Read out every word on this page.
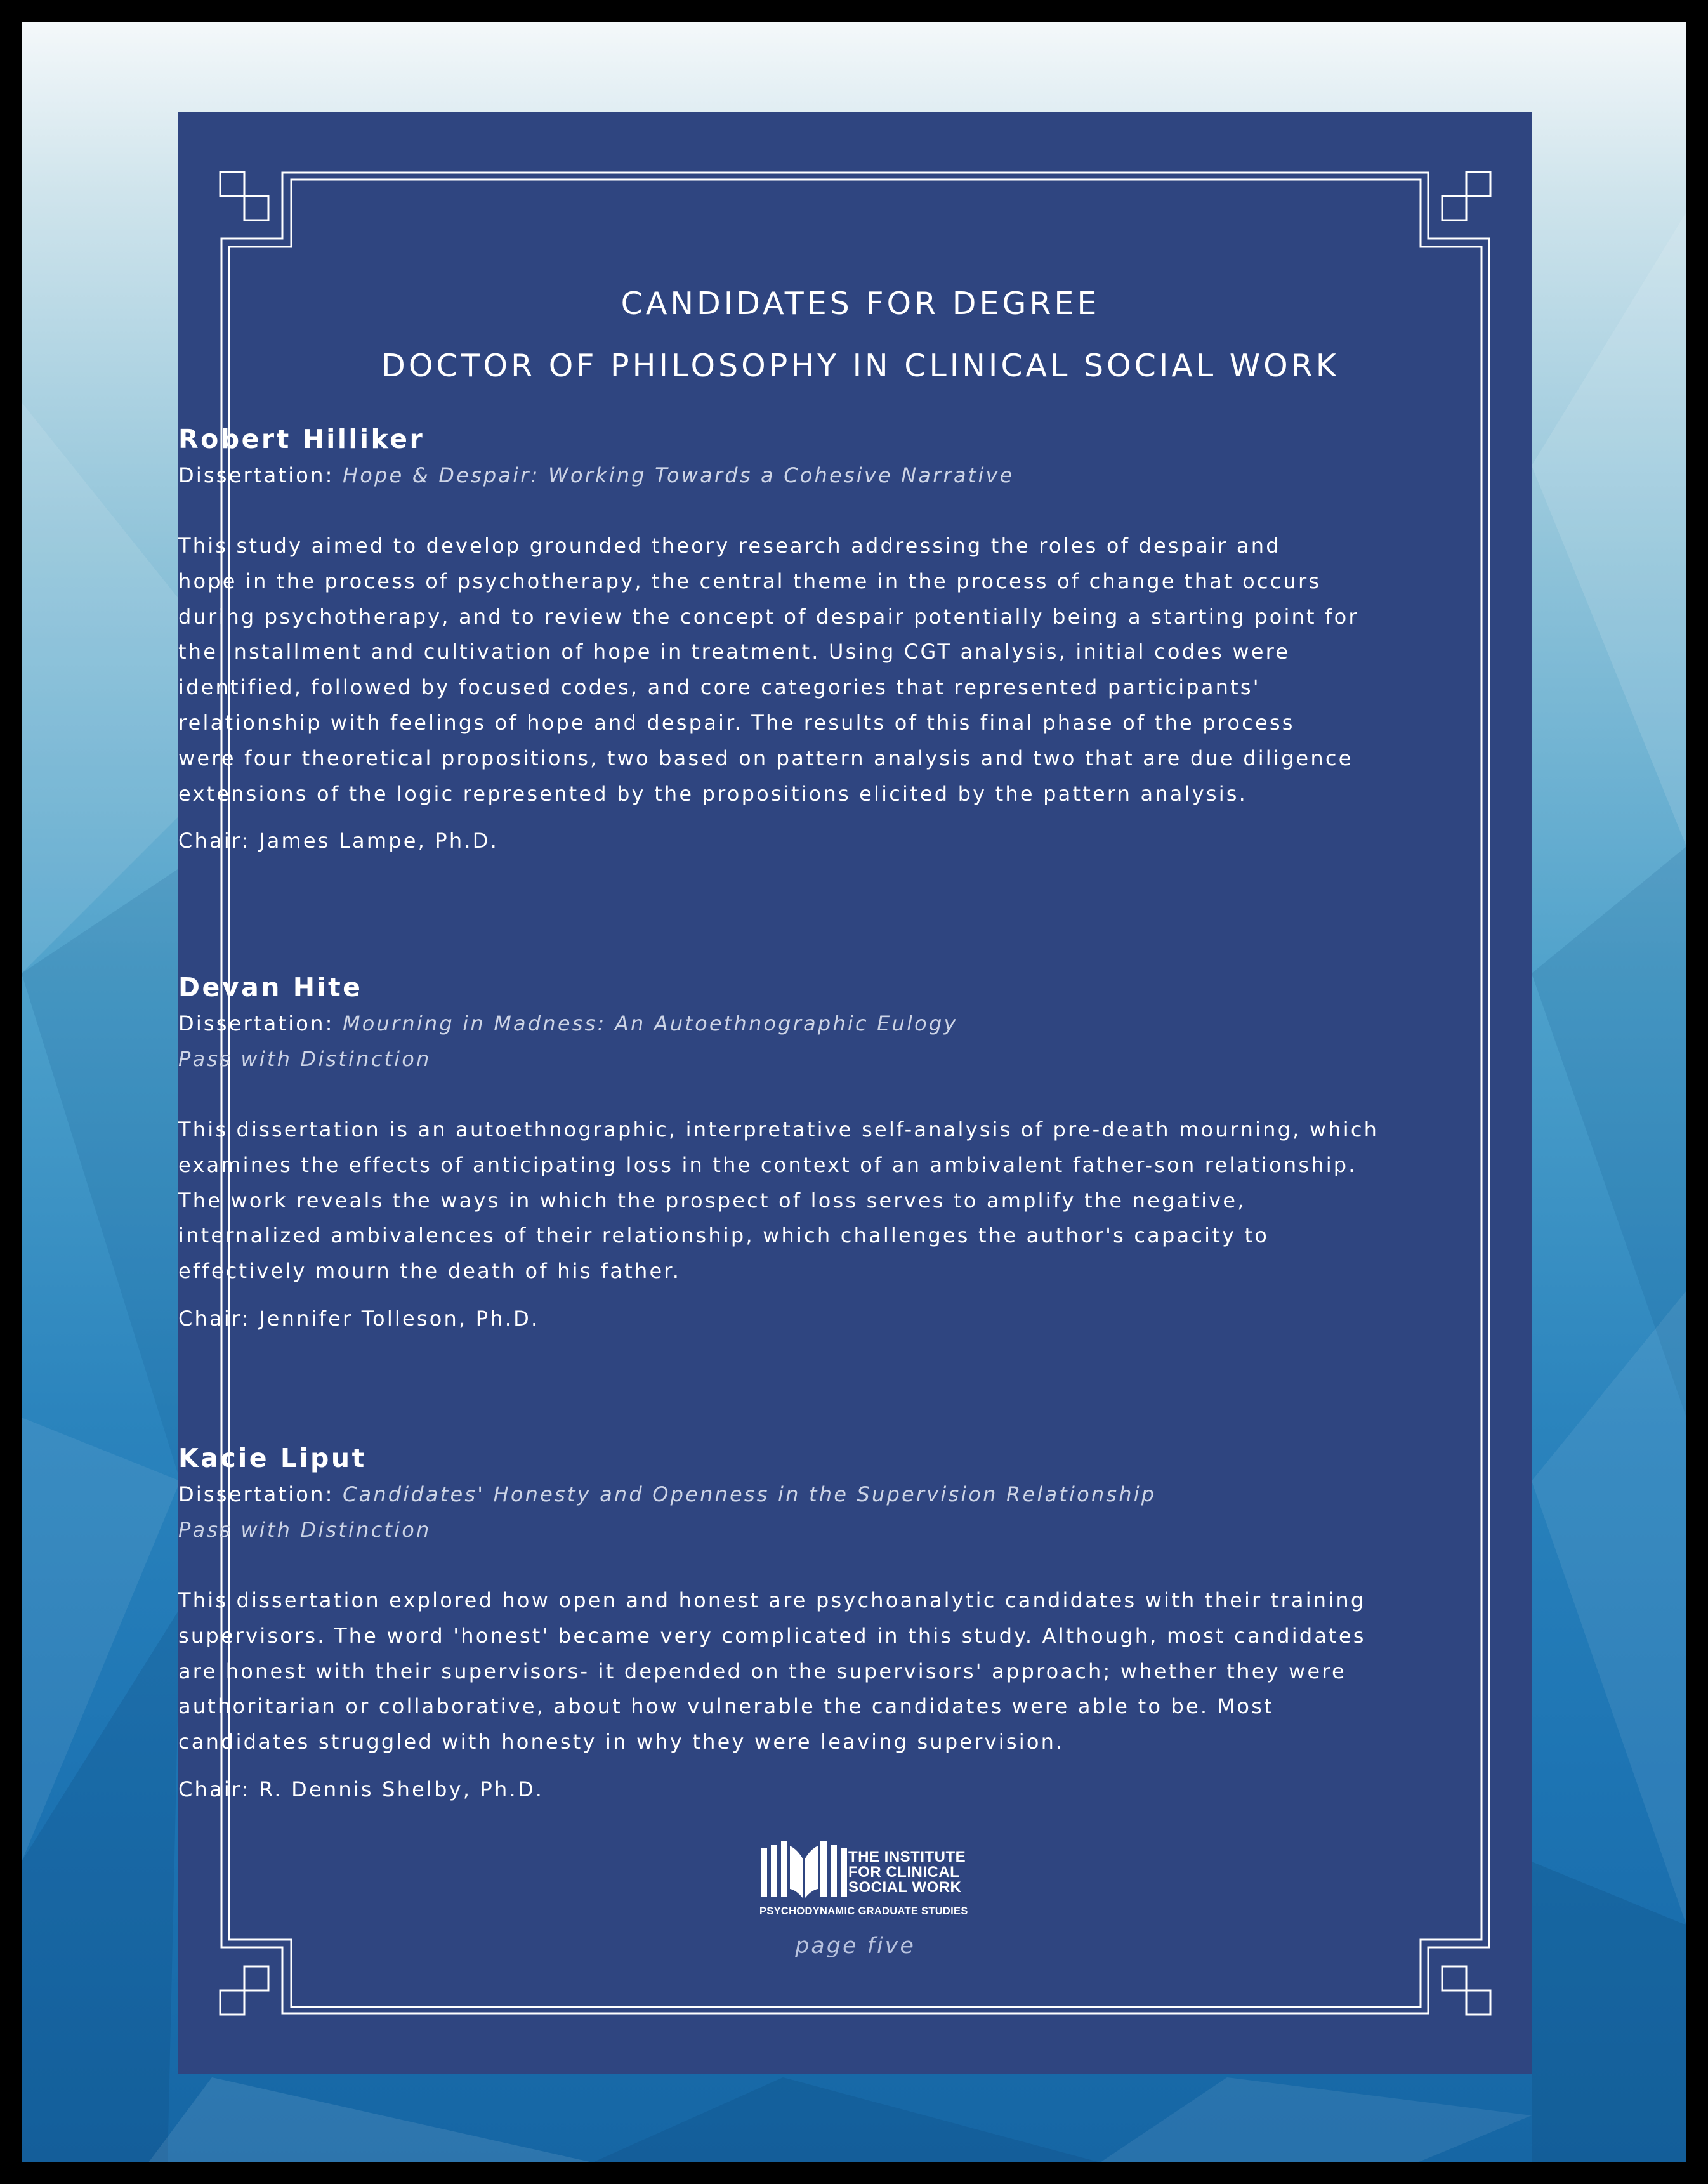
CANDIDATES FOR DEGREE
DOCTOR OF PHILOSOPHY IN CLINICAL SOCIAL WORK

Robert Hilliker

Dissertation: Hope & Despair: Working Towards a Cohesive Narrative
This study aimed to develop grounded theory research addressing the roles of despair and
hope in the process of psychotherapy, the central theme in the process of change that occurs
during psychotherapy, and to review the concept of despair potentially being a starting point for
the installment and cultivation of hope in treatment. Using CGT analysis, initial codes were
identified, followed by focused codes, and core categories that represented participants'
relationship with feelings of hope and despair. The results of this final phase of the process
were four theoretical propositions, two based on pattern analysis and two that are due diligence
extensions of the logic represented by the propositions elicited by the pattern analysis.
Chair: James Lampe, Ph.D.

Devan Hite

Dissertation: Mourning in Madness: An Autoethnographic Eulogy
Pass with Distinction
This dissertation is an autoethnographic, interpretative self-analysis of pre-death mourning, which
examines the effects of anticipating loss in the context of an ambivalent father-son relationship.
The work reveals the ways in which the prospect of loss serves to amplify the negative,
internalized ambivalences of their relationship, which challenges the author's capacity to
effectively mourn the death of his father.
Chair: Jennifer Tolleson, Ph.D.

Kacie Liput

Dissertation: Candidates' Honesty and Openness in the Supervision Relationship
Pass with Distinction
This dissertation explored how open and honest are psychoanalytic candidates with their training
supervisors. The word 'honest' became very complicated in this study. Although, most candidates
are honest with their supervisors- it depended on the supervisors' approach; whether they were
authoritarian or collaborative, about how vulnerable the candidates were able to be. Most
candidates struggled with honesty in why they were leaving supervision.
Chair: R. Dennis Shelby, Ph.D.
THE INSTITUTE
FOR CLINICAL
SOCIAL WORK
PSYCHODYNAMIC GRADUATE STUDIES
page five
